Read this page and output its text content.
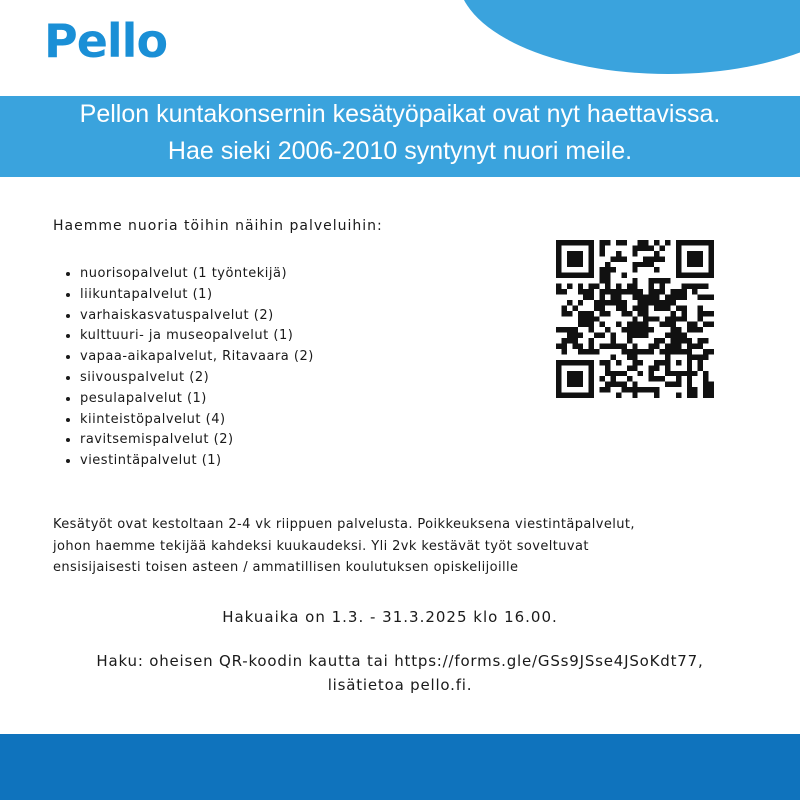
Pello
Pellon kuntakonsernin kesätyöpaikat ovat nyt haettavissa.
Hae sieki 2006-2010 syntynyt nuori meile.
Haemme nuoria töihin näihin palveluihin:
• nuorisopalvelut (1 työntekijä)
• liikuntapalvelut (1)
• varhaiskasvatuspalvelut (2)
• kulttuuri- ja museopalvelut (1)
• vapaa-aikapalvelut, Ritavaara (2)
• siivouspalvelut (2)
• pesulapalvelut (1)
• kiinteistöpalvelut (4)
• ravitsemispalvelut (2)
• viestintäpalvelut (1)
Kesätyöt ovat kestoltaan 2-4 vk riippuen palvelusta. Poikkeuksena viestintäpalvelut,
johon haemme tekijää kahdeksi kuukaudeksi. Yli 2vk kestävät työt soveltuvat
ensisijaisesti toisen asteen / ammatillisen koulutuksen opiskelijoille
Hakuaika on 1.3. - 31.3.2025 klo 16.00.
Haku: oheisen QR-koodin kautta tai https://forms.gle/GSs9JSse4JSoKdt77,
lisätietoa pello.fi.
